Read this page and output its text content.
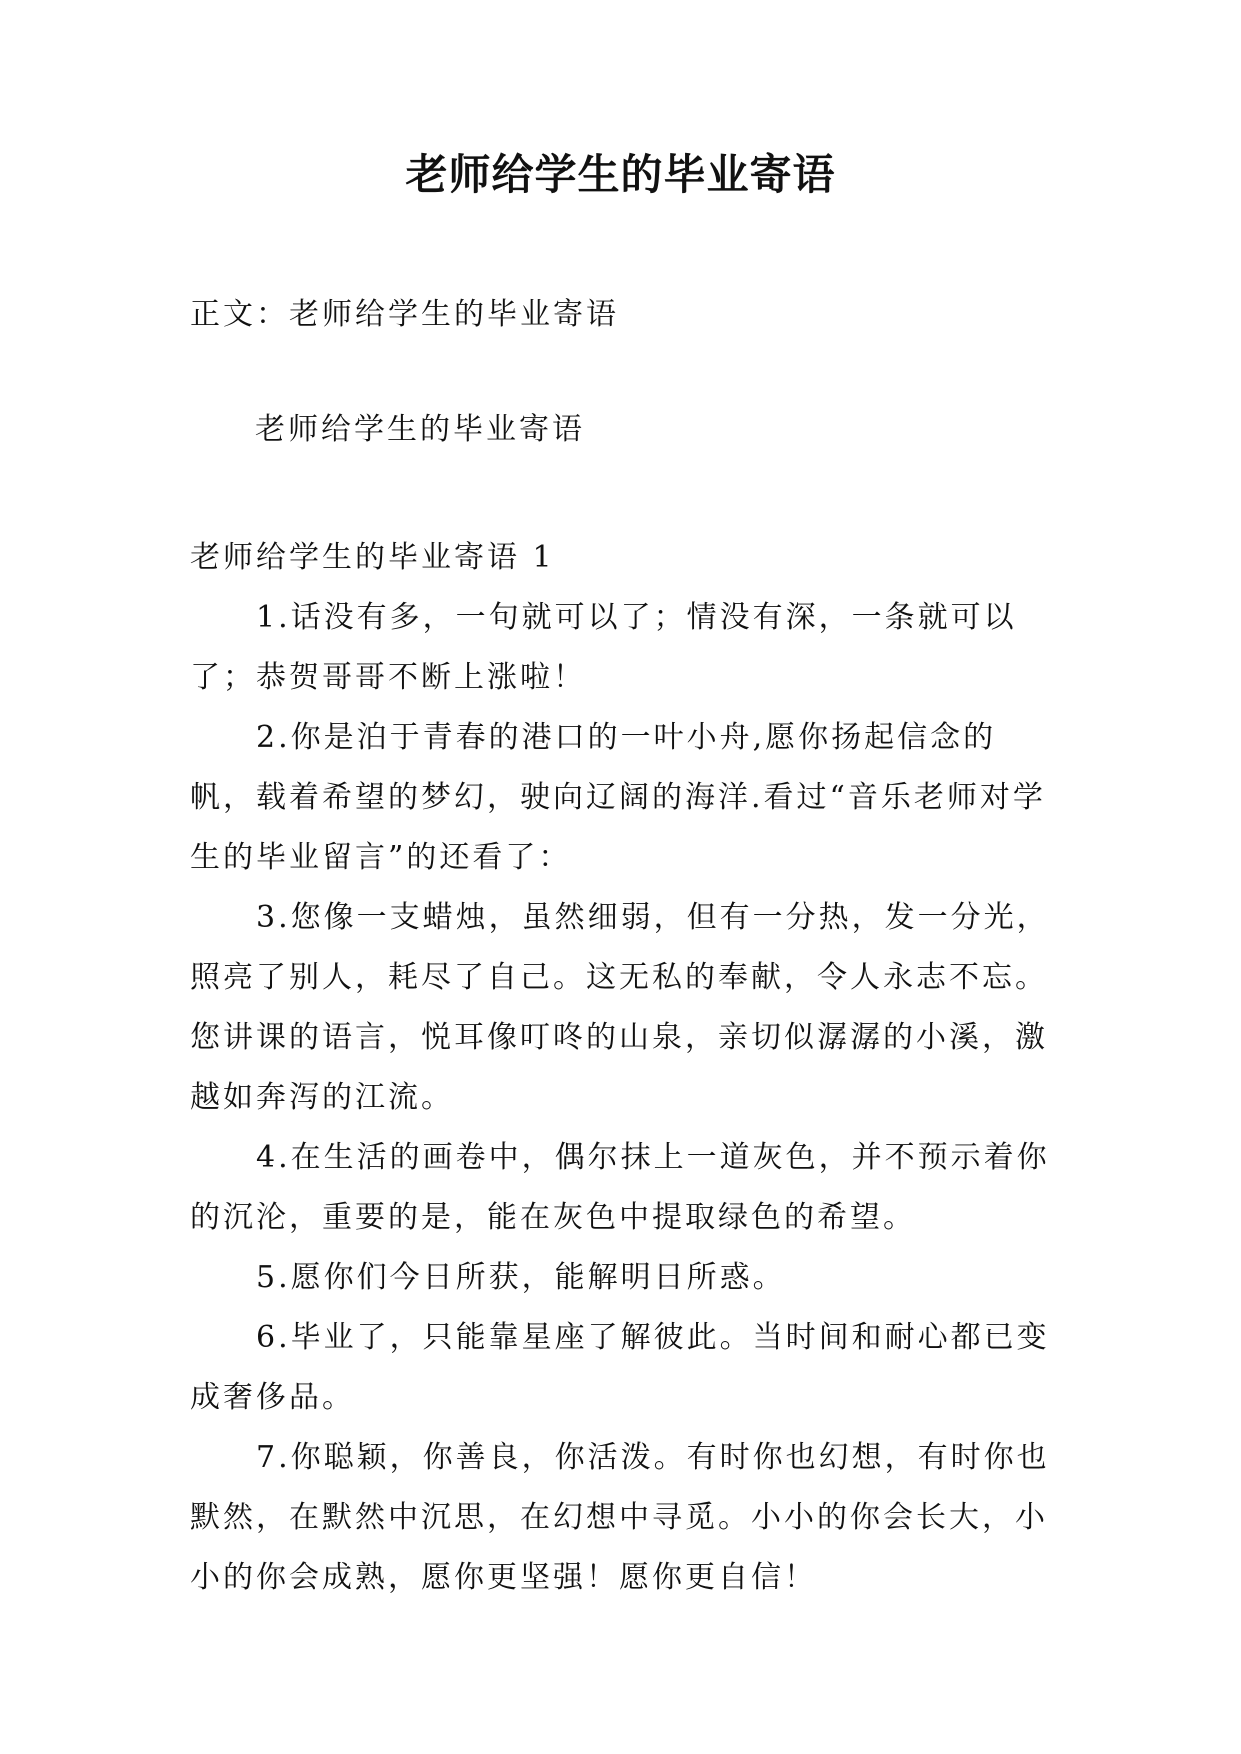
老师给学生的毕业寄语
正文：老师给学生的毕业寄语
老师给学生的毕业寄语

老师给学生的毕业寄语 1

1.话没有多，一句就可以了；情没有深，一条就可以了；恭贺哥哥不断上涨啦！

2.你是泊于青春的港口的一叶小舟,愿你扬起信念的帆，载着希望的梦幻，驶向辽阔的海洋.看过“音乐老师对学生的毕业留言”的还看了：

3.您像一支蜡烛，虽然细弱，但有一分热，发一分光，照亮了别人，耗尽了自己。这无私的奉献，令人永志不忘。您讲课的语言，悦耳像叮咚的山泉，亲切似潺潺的小溪，激越如奔泻的江流。

4.在生活的画卷中，偶尔抹上一道灰色，并不预示着你的沉沦，重要的是，能在灰色中提取绿色的希望。

5.愿你们今日所获，能解明日所惑。

6.毕业了，只能靠星座了解彼此。当时间和耐心都已变成奢侈品。

7.你聪颖，你善良，你活泼。有时你也幻想，有时你也默然，在默然中沉思，在幻想中寻觅。小小的你会长大，小小的你会成熟，愿你更坚强！愿你更自信！
